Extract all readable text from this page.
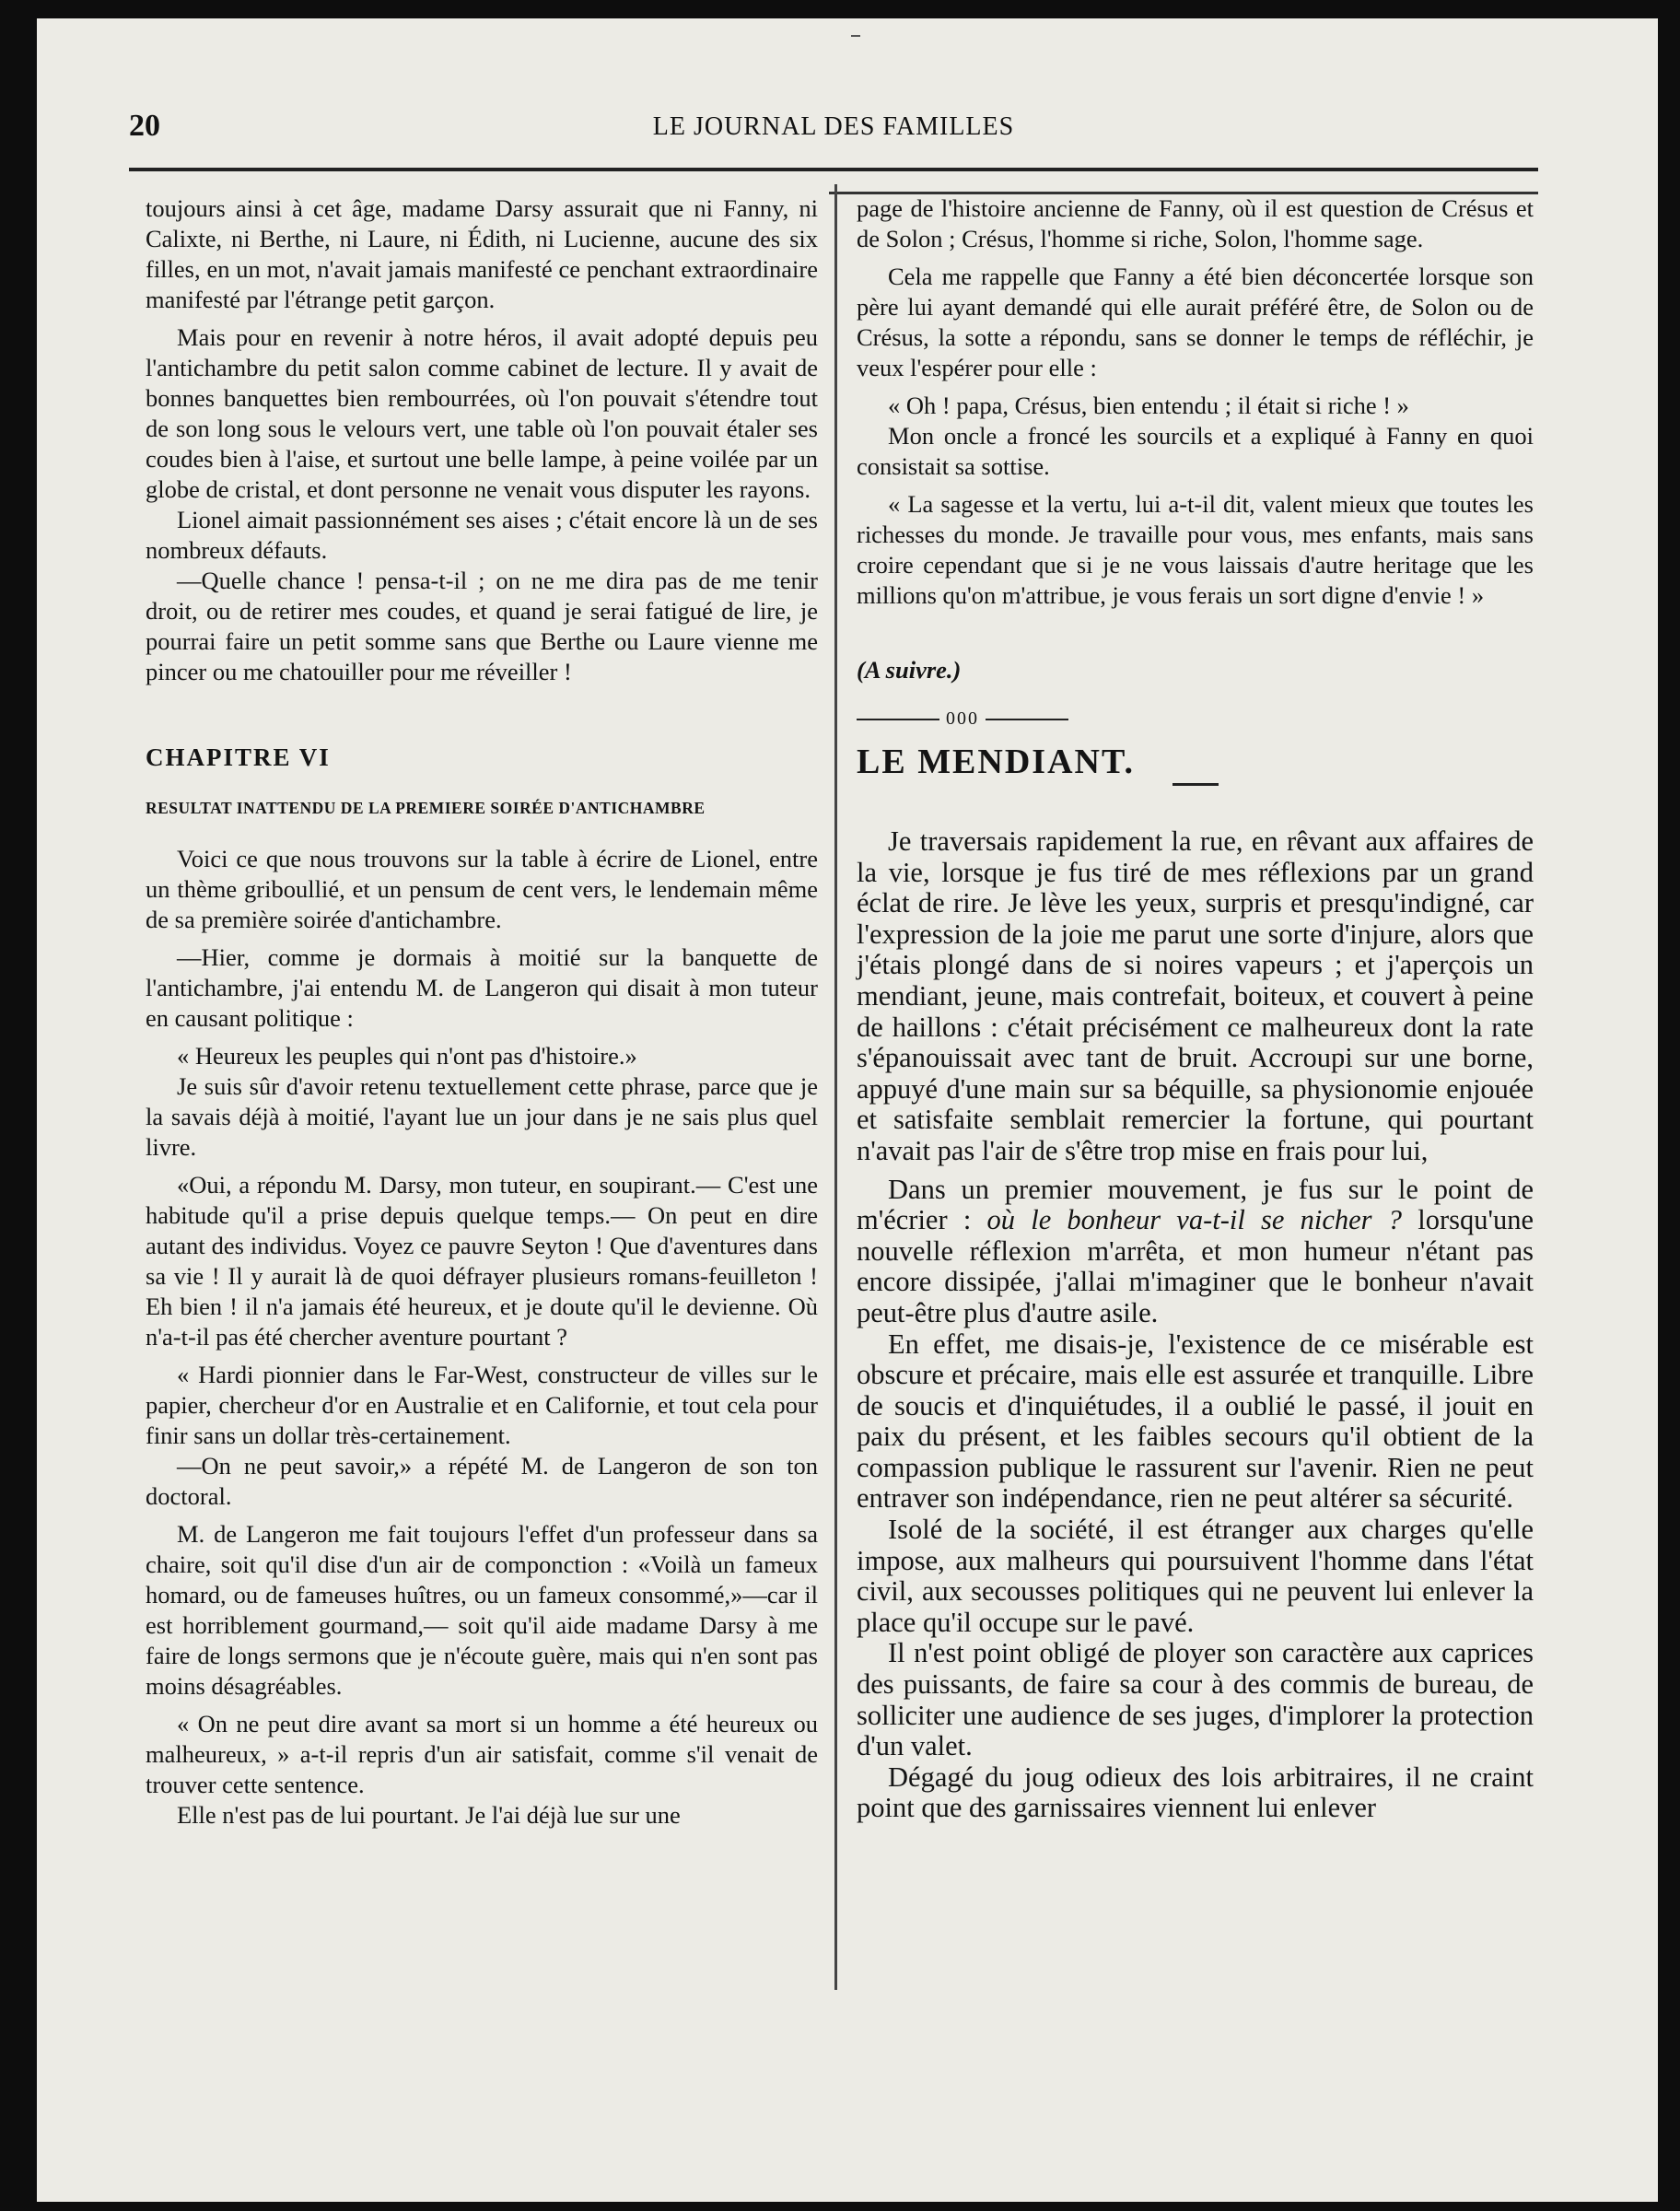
20	LE JOURNAL DES FAMILLES

toujours ainsi à cet âge, madame Darsy assurait que ni Fanny, ni Calixte, ni Berthe, ni Laure, ni Édith, ni Lucienne, aucune des six filles, en un mot, n'avait jamais manifesté ce penchant extraordinaire manifesté par l'étrange petit garçon.

Mais pour en revenir à notre héros, il avait adopté depuis peu l'antichambre du petit salon comme cabinet de lecture. Il y avait de bonnes banquettes bien rembourrées, où l'on pouvait s'étendre tout de son long sous le velours vert, une table où l'on pouvait étaler ses coudes bien à l'aise, et surtout une belle lampe, à peine voilée par un globe de cristal, et dont personne ne venait vous disputer les rayons.

Lionel aimait passionnément ses aises ; c'était encore là un de ses nombreux défauts.

—Quelle chance ! pensa-t-il ; on ne me dira pas de me tenir droit, ou de retirer mes coudes, et quand je serai fatigué de lire, je pourrai faire un petit somme sans que Berthe ou Laure vienne me pincer ou me chatouiller pour me réveiller !

CHAPITRE VI

RESULTAT INATTENDU DE LA PREMIERE SOIRÉE D'ANTICHAMBRE

Voici ce que nous trouvons sur la table à écrire de Lionel, entre un thème griboullié, et un pensum de cent vers, le lendemain même de sa première soirée d'antichambre.

—Hier, comme je dormais à moitié sur la banquette de l'antichambre, j'ai entendu M. de Langeron qui disait à mon tuteur en causant politique :

« Heureux les peuples qui n'ont pas d'histoire.»

Je suis sûr d'avoir retenu textuellement cette phrase, parce que je la savais déjà à moitié, l'ayant lue un jour dans je ne sais plus quel livre.

«Oui, a répondu M. Darsy, mon tuteur, en soupirant.— C'est une habitude qu'il a prise depuis quelque temps.— On peut en dire autant des individus. Voyez ce pauvre Seyton ! Que d'aventures dans sa vie ! Il y aurait là de quoi défrayer plusieurs romans-feuilleton ! Eh bien ! il n'a jamais été heureux, et je doute qu'il le devienne. Où n'a-t-il pas été chercher aventure pourtant ?

« Hardi pionnier dans le Far-West, constructeur de villes sur le papier, chercheur d'or en Australie et en Californie, et tout cela pour finir sans un dollar très-certainement.

—On ne peut savoir,» a répété M. de Langeron de son ton doctoral.

M. de Langeron me fait toujours l'effet d'un professeur dans sa chaire, soit qu'il dise d'un air de componction : «Voilà un fameux homard, ou de fameuses huîtres, ou un fameux consommé,»—car il est horriblement gourmand,— soit qu'il aide madame Darsy à me faire de longs sermons que je n'écoute guère, mais qui n'en sont pas moins désagréables.

« On ne peut dire avant sa mort si un homme a été heureux ou malheureux, » a-t-il repris d'un air satisfait, comme s'il venait de trouver cette sentence.

Elle n'est pas de lui pourtant. Je l'ai déjà lue sur une

page de l'histoire ancienne de Fanny, où il est question de Crésus et de Solon ; Crésus, l'homme si riche, Solon, l'homme sage.

Cela me rappelle que Fanny a été bien déconcertée lorsque son père lui ayant demandé qui elle aurait préféré être, de Solon ou de Crésus, la sotte a répondu, sans se donner le temps de réfléchir, je veux l'espérer pour elle :

« Oh ! papa, Crésus, bien entendu ; il était si riche ! »

Mon oncle a froncé les sourcils et a expliqué à Fanny en quoi consistait sa sottise.

« La sagesse et la vertu, lui a-t-il dit, valent mieux que toutes les richesses du monde. Je travaille pour vous, mes enfants, mais sans croire cependant que si je ne vous laissais d'autre heritage que les millions qu'on m'attribue, je vous ferais un sort digne d'envie ! »

(A suivre.)

000

LE MENDIANT.

Je traversais rapidement la rue, en rêvant aux affaires de la vie, lorsque je fus tiré de mes réflexions par un grand éclat de rire. Je lève les yeux, surpris et presqu'indigné, car l'expression de la joie me parut une sorte d'injure, alors que j'étais plongé dans de si noires vapeurs ; et j'aperçois un mendiant, jeune, mais contrefait, boiteux, et couvert à peine de haillons : c'était précisément ce malheureux dont la rate s'épanouissait avec tant de bruit. Accroupi sur une borne, appuyé d'une main sur sa béquille, sa physionomie enjouée et satisfaite semblait remercier la fortune, qui pourtant n'avait pas l'air de s'être trop mise en frais pour lui,

Dans un premier mouvement, je fus sur le point de m'écrier : où le bonheur va-t-il se nicher ? lorsqu'une nouvelle réflexion m'arrêta, et mon humeur n'étant pas encore dissipée, j'allai m'imaginer que le bonheur n'avait peut-être plus d'autre asile.

En effet, me disais-je, l'existence de ce misérable est obscure et précaire, mais elle est assurée et tranquille. Libre de soucis et d'inquiétudes, il a oublié le passé, il jouit en paix du présent, et les faibles secours qu'il obtient de la compassion publique le rassurent sur l'avenir. Rien ne peut entraver son indépendance, rien ne peut altérer sa sécurité.

Isolé de la société, il est étranger aux charges qu'elle impose, aux malheurs qui poursuivent l'homme dans l'état civil, aux secousses politiques qui ne peuvent lui enlever la place qu'il occupe sur le pavé.

Il n'est point obligé de ployer son caractère aux caprices des puissants, de faire sa cour à des commis de bureau, de solliciter une audience de ses juges, d'implorer la protection d'un valet.

Dégagé du joug odieux des lois arbitraires, il ne craint point que des garnissaires viennent lui enlever
